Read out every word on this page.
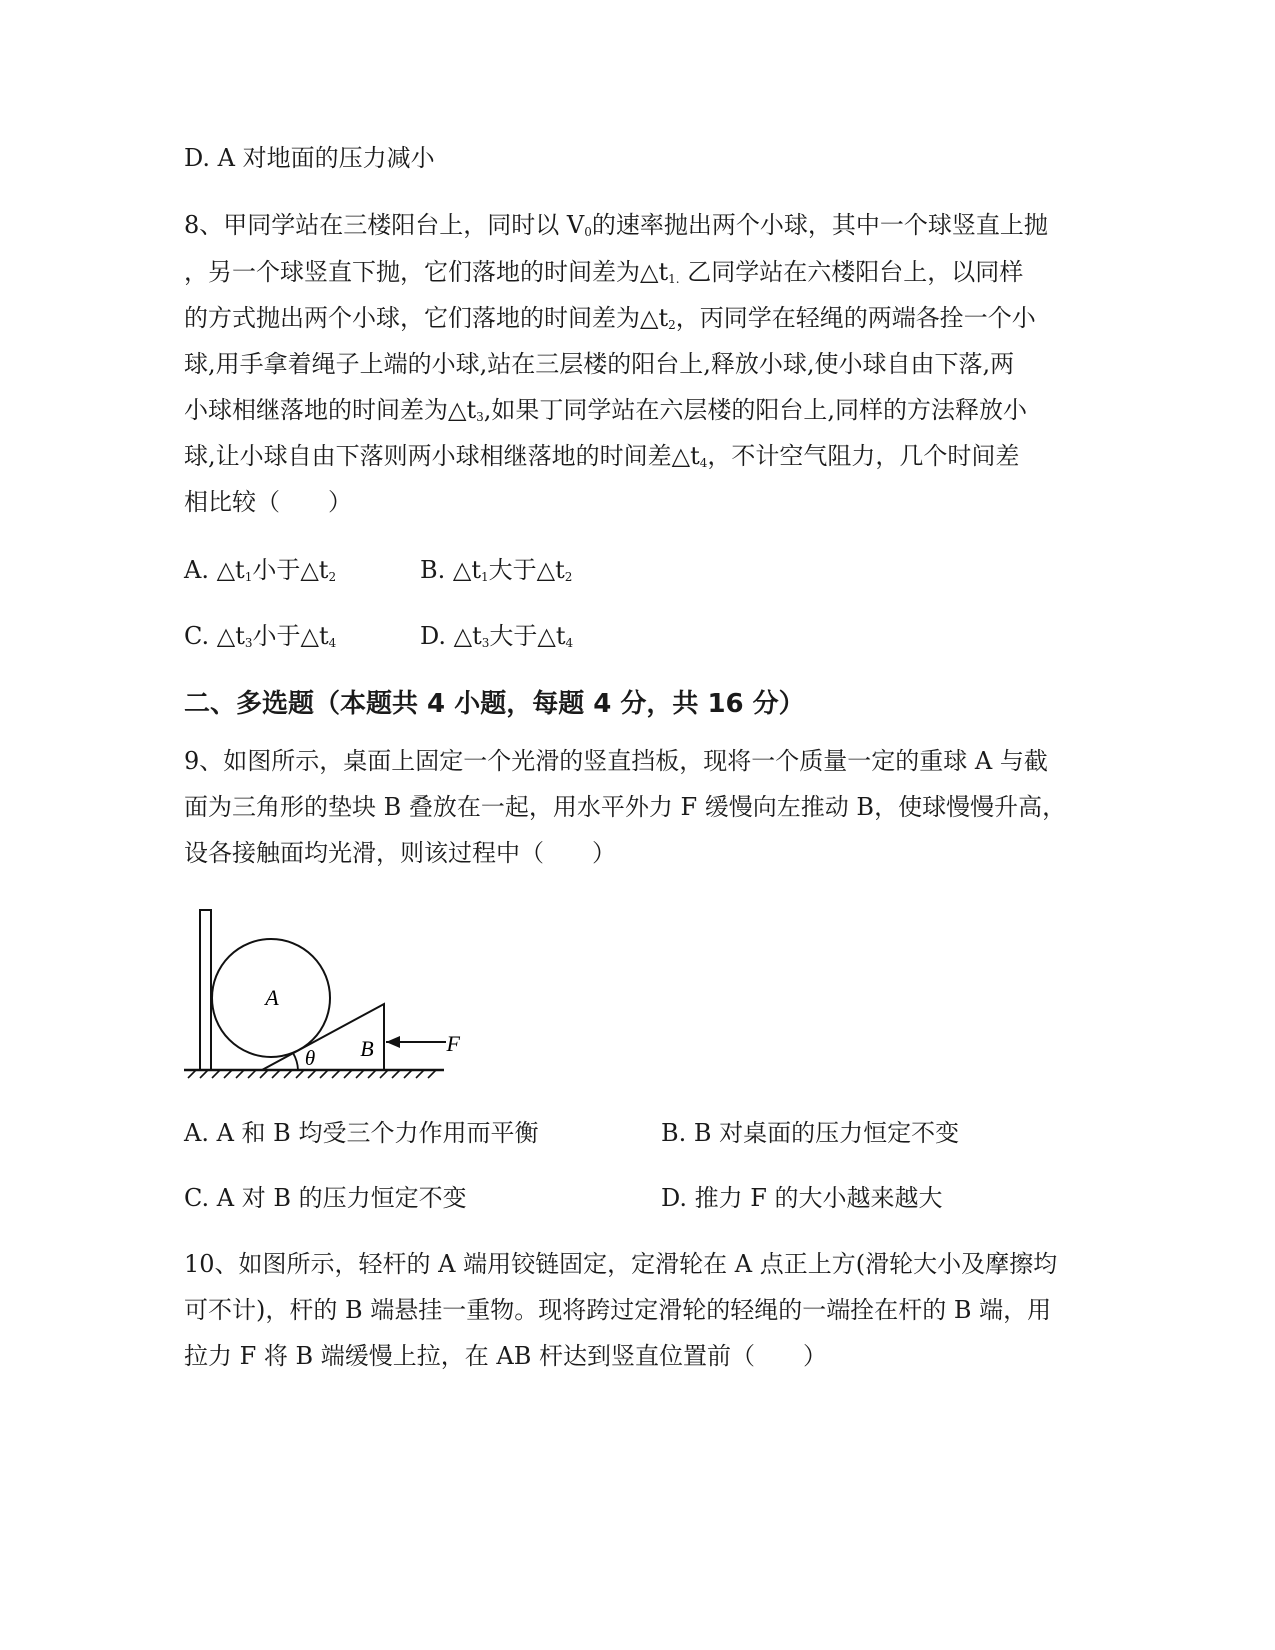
D. A 对地面的压力减小
8、甲同学站在三楼阳台上，同时以 $V_0$的速率抛出两个小球，其中一个球竖直上抛
，另一个球竖直下抛，它们落地的时间差为$\triangle t_{1.}$ 乙同学站在六楼阳台上，以同样
的方式抛出两个小球，它们落地的时间差为$\triangle t_2$，丙同学在轻绳的两端各拴一个小
球,用手拿着绳子上端的小球,站在三层楼的阳台上,释放小球,使小球自由下落,两
小球相继落地的时间差为$\triangle t_3$,如果丁同学站在六层楼的阳台上,同样的方法释放小
球,让小球自由下落则两小球相继落地的时间差$\triangle t_4$，不计空气阻力，几个时间差
相比较（　　）
A. $\triangle t_1$小于$\triangle t_2$	B. $\triangle t_1$大于$\triangle t_2$
C. $\triangle t_3$小于$\triangle t_4$	D. $\triangle t_3$大于$\triangle t_4$
二、多选题（本题共 4 小题，每题 4 分，共 16 分）
9、如图所示，桌面上固定一个光滑的竖直挡板，现将一个质量一定的重球 A 与截
面为三角形的垫块 B 叠放在一起，用水平外力 F 缓慢向左推动 B，使球慢慢升高，
设各接触面均光滑，则该过程中（　　）
A
B
θ
F
A. A 和 B 均受三个力作用而平衡	B. B 对桌面的压力恒定不变
C. A 对 B 的压力恒定不变	D. 推力 F 的大小越来越大
10、如图所示，轻杆的 A 端用铰链固定，定滑轮在 A 点正上方(滑轮大小及摩擦均
可不计)，杆的 B 端悬挂一重物。现将跨过定滑轮的轻绳的一端拴在杆的 B 端，用
拉力 F 将 B 端缓慢上拉，在 AB 杆达到竖直位置前（　　）
